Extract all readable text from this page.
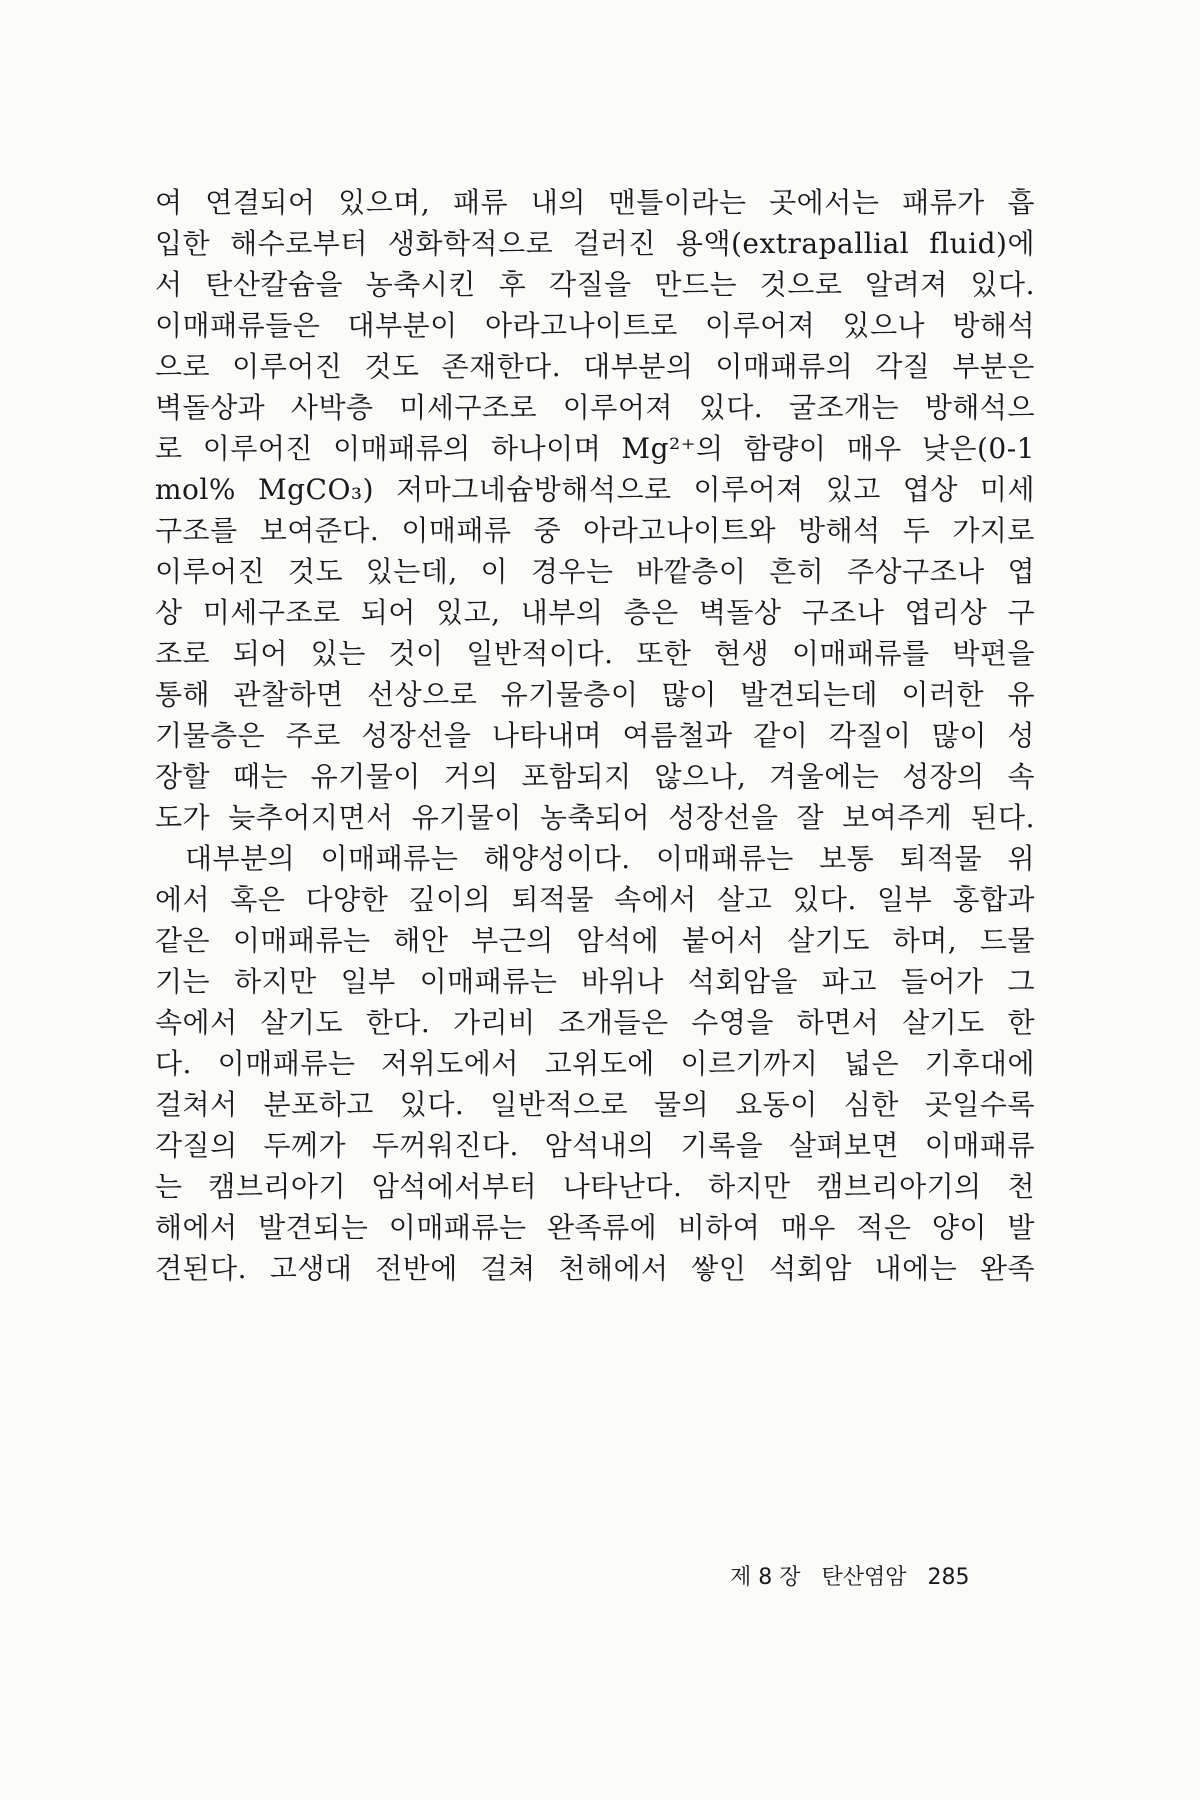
여 연결되어 있으며, 패류 내의 맨틀이라는 곳에서는 패류가 흡
입한 해수로부터 생화학적으로 걸러진 용액(extrapallial fluid)에
서 탄산칼슘을 농축시킨 후 각질을 만드는 것으로 알려져 있다.
이매패류들은 대부분이 아라고나이트로 이루어져 있으나 방해석
으로 이루어진 것도 존재한다. 대부분의 이매패류의 각질 부분은
벽돌상과 사박층 미세구조로 이루어져 있다. 굴조개는 방해석으
로 이루어진 이매패류의 하나이며 Mg²⁺의 함량이 매우 낮은(0-1
mol% MgCO₃) 저마그네슘방해석으로 이루어져 있고 엽상 미세
구조를 보여준다. 이매패류 중 아라고나이트와 방해석 두 가지로
이루어진 것도 있는데, 이 경우는 바깥층이 흔히 주상구조나 엽
상 미세구조로 되어 있고, 내부의 층은 벽돌상 구조나 엽리상 구
조로 되어 있는 것이 일반적이다. 또한 현생 이매패류를 박편을
통해 관찰하면 선상으로 유기물층이 많이 발견되는데 이러한 유
기물층은 주로 성장선을 나타내며 여름철과 같이 각질이 많이 성
장할 때는 유기물이 거의 포함되지 않으나, 겨울에는 성장의 속
도가 늦추어지면서 유기물이 농축되어 성장선을 잘 보여주게 된다.
대부분의 이매패류는 해양성이다. 이매패류는 보통 퇴적물 위
에서 혹은 다양한 깊이의 퇴적물 속에서 살고 있다. 일부 홍합과
같은 이매패류는 해안 부근의 암석에 붙어서 살기도 하며, 드물
기는 하지만 일부 이매패류는 바위나 석회암을 파고 들어가 그
속에서 살기도 한다. 가리비 조개들은 수영을 하면서 살기도 한
다. 이매패류는 저위도에서 고위도에 이르기까지 넓은 기후대에
걸쳐서 분포하고 있다. 일반적으로 물의 요동이 심한 곳일수록
각질의 두께가 두꺼워진다. 암석내의 기록을 살펴보면 이매패류
는 캠브리아기 암석에서부터 나타난다. 하지만 캠브리아기의 천
해에서 발견되는 이매패류는 완족류에 비하여 매우 적은 양이 발
견된다. 고생대 전반에 걸쳐 천해에서 쌓인 석회암 내에는 완족
제 8 장 탄산염암 285
